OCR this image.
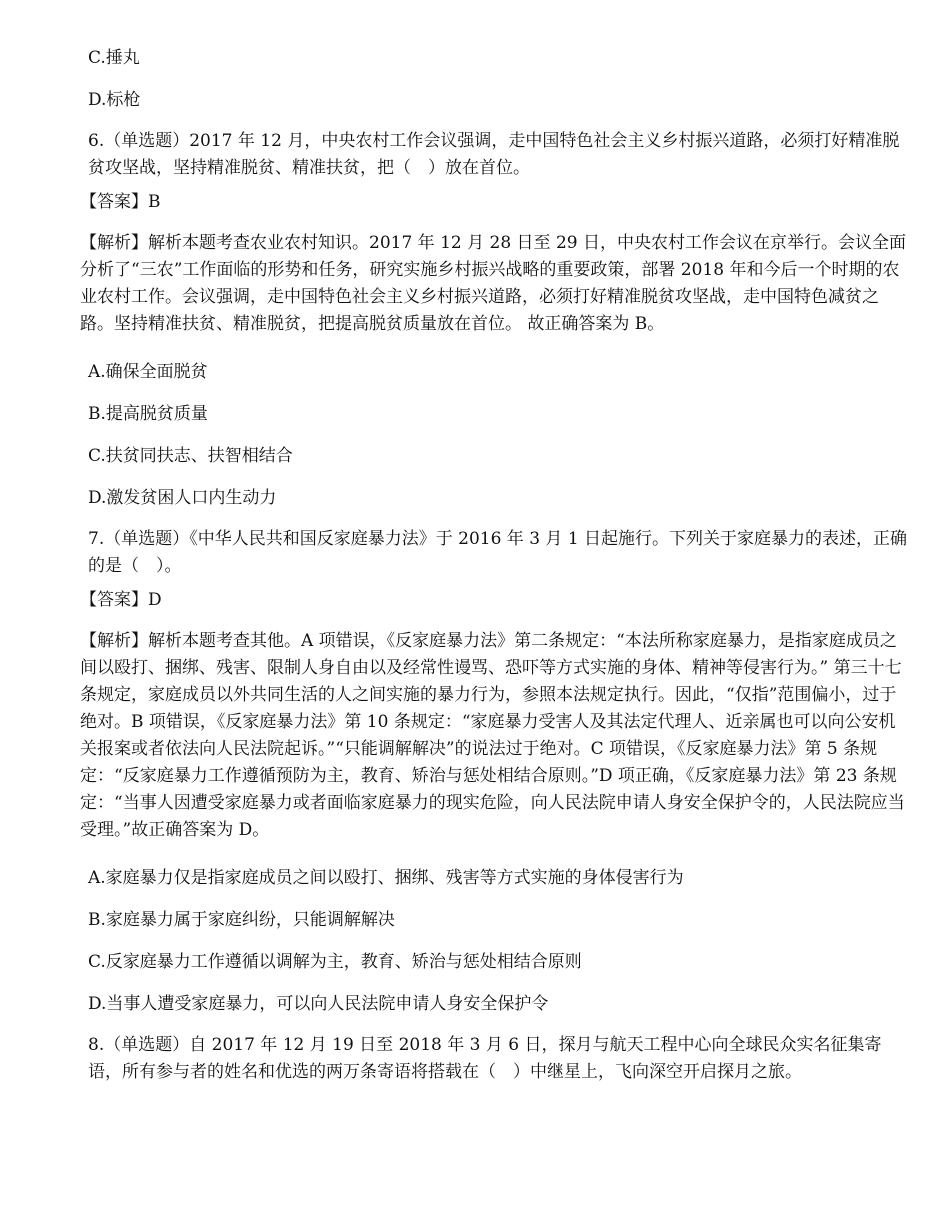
C.捶丸

D.标枪

6.（单选题）2017 年 12 月，中央农村工作会议强调，走中国特色社会主义乡村振兴道路，必须打好精准脱贫攻坚战，坚持精准脱贫、精准扶贫，把（　）放在首位。

【答案】B

【解析】解析本题考查农业农村知识。2017 年 12 月 28 日至 29 日，中央农村工作会议在京举行。会议全面分析了“三农”工作面临的形势和任务，研究实施乡村振兴战略的重要政策，部署 2018 年和今后一个时期的农业农村工作。会议强调，走中国特色社会主义乡村振兴道路，必须打好精准脱贫攻坚战，走中国特色减贫之路。坚持精准扶贫、精准脱贫，把提高脱贫质量放在首位。 故正确答案为 B。

A.确保全面脱贫

B.提高脱贫质量

C.扶贫同扶志、扶智相结合

D.激发贫困人口内生动力

7.（单选题）《中华人民共和国反家庭暴力法》于 2016 年 3 月 1 日起施行。下列关于家庭暴力的表述，正确的是（　）。

【答案】D

【解析】解析本题考查其他。A 项错误，《反家庭暴力法》第二条规定：“本法所称家庭暴力，是指家庭成员之间以殴打、捆绑、残害、限制人身自由以及经常性谩骂、恐吓等方式实施的身体、精神等侵害行为。” 第三十七条规定，家庭成员以外共同生活的人之间实施的暴力行为，参照本法规定执行。因此，“仅指”范围偏小，过于绝对。B 项错误，《反家庭暴力法》第 10 条规定：“家庭暴力受害人及其法定代理人、近亲属也可以向公安机关报案或者依法向人民法院起诉。”“只能调解解决”的说法过于绝对。C 项错误，《反家庭暴力法》第 5 条规定：“反家庭暴力工作遵循预防为主，教育、矫治与惩处相结合原则。”D 项正确，《反家庭暴力法》第 23 条规定：“当事人因遭受家庭暴力或者面临家庭暴力的现实危险，向人民法院申请人身安全保护令的，人民法院应当受理。”故正确答案为 D。

A.家庭暴力仅是指家庭成员之间以殴打、捆绑、残害等方式实施的身体侵害行为

B.家庭暴力属于家庭纠纷，只能调解解决

C.反家庭暴力工作遵循以调解为主，教育、矫治与惩处相结合原则

D.当事人遭受家庭暴力，可以向人民法院申请人身安全保护令

8.（单选题）自 2017 年 12 月 19 日至 2018 年 3 月 6 日，探月与航天工程中心向全球民众实名征集寄语，所有参与者的姓名和优选的两万条寄语将搭载在（　）中继星上，飞向深空开启探月之旅。
